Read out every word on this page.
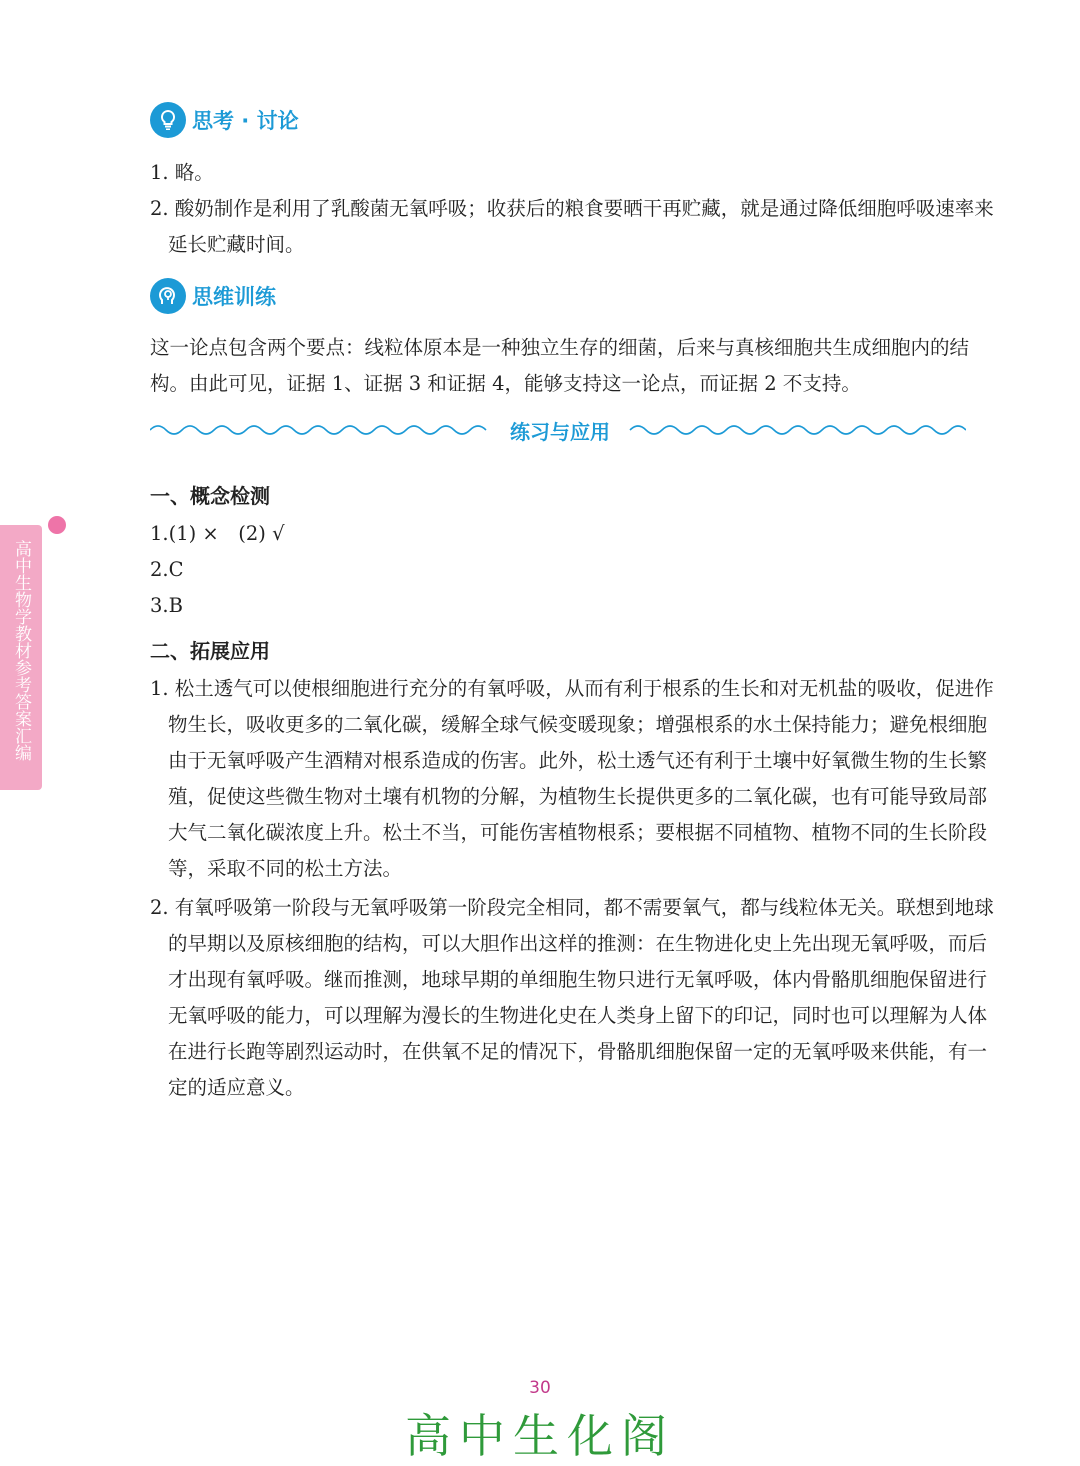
高中生物学教材参考答案汇编
思考 · 讨论
1. 略。
2. 酸奶制作是利用了乳酸菌无氧呼吸；收获后的粮食要晒干再贮藏，就是通过降低细胞呼吸速率来延长贮藏时间。
思维训练

这一论点包含两个要点：线粒体原本是一种独立生存的细菌，后来与真核细胞共生成细胞内的结构。由此可见，证据 1、证据 3 和证据 4，能够支持这一论点，而证据 2 不支持。

练习与应用
一、概念检测
1.(1) ×　(2) √
2.C
3.B
二、拓展应用
1. 松土透气可以使根细胞进行充分的有氧呼吸，从而有利于根系的生长和对无机盐的吸收，促进作物生长，吸收更多的二氧化碳，缓解全球气候变暖现象；增强根系的水土保持能力；避免根细胞由于无氧呼吸产生酒精对根系造成的伤害。此外，松土透气还有利于土壤中好氧微生物的生长繁殖，促使这些微生物对土壤有机物的分解，为植物生长提供更多的二氧化碳，也有可能导致局部大气二氧化碳浓度上升。松土不当，可能伤害植物根系；要根据不同植物、植物不同的生长阶段等，采取不同的松土方法。
2. 有氧呼吸第一阶段与无氧呼吸第一阶段完全相同，都不需要氧气，都与线粒体无关。联想到地球的早期以及原核细胞的结构，可以大胆作出这样的推测：在生物进化史上先出现无氧呼吸，而后才出现有氧呼吸。继而推测，地球早期的单细胞生物只进行无氧呼吸，体内骨骼肌细胞保留进行无氧呼吸的能力，可以理解为漫长的生物进化史在人类身上留下的印记，同时也可以理解为人体在进行长跑等剧烈运动时，在供氧不足的情况下，骨骼肌细胞保留一定的无氧呼吸来供能，有一定的适应意义。
30
高中生化阁
